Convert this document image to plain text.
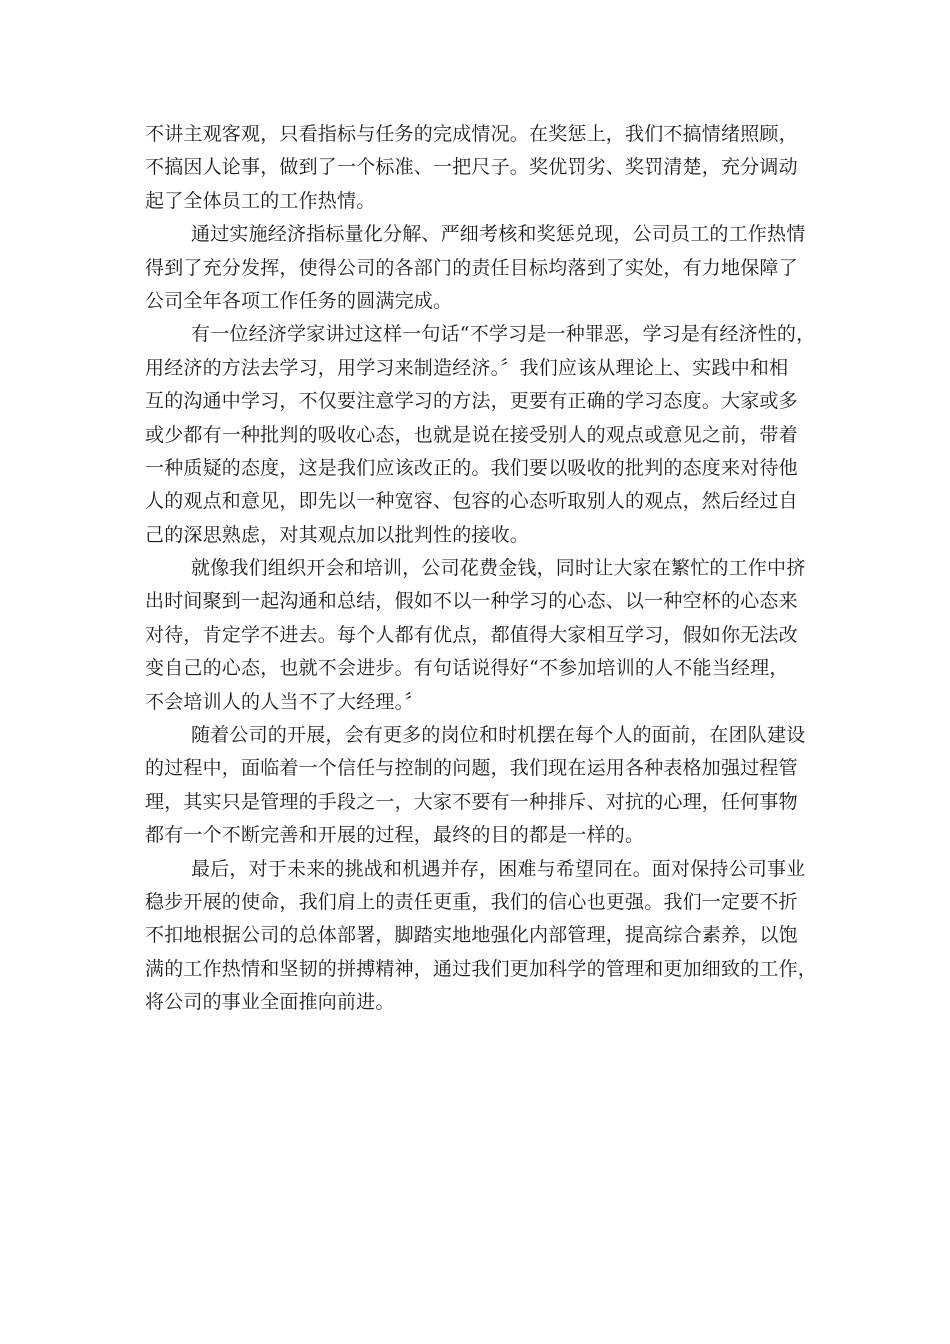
不讲主观客观，只看指标与任务的完成情况。在奖惩上，我们不搞情绪照顾，
不搞因人论事，做到了一个标准、一把尺子。奖优罚劣、奖罚清楚，充分调动
起了全体员工的工作热情。
通过实施经济指标量化分解、严细考核和奖惩兑现，公司员工的工作热情
得到了充分发挥，使得公司的各部门的责任目标均落到了实处，有力地保障了
公司全年各项工作任务的圆满完成。
有一位经济学家讲过这样一句话“不学习是一种罪恶，学习是有经济性的，
用经济的方法去学习，用学习来制造经济。〞我们应该从理论上、实践中和相
互的沟通中学习，不仅要注意学习的方法，更要有正确的学习态度。大家或多
或少都有一种批判的吸收心态，也就是说在接受别人的观点或意见之前，带着
一种质疑的态度，这是我们应该改正的。我们要以吸收的批判的态度来对待他
人的观点和意见，即先以一种宽容、包容的心态听取别人的观点，然后经过自
己的深思熟虑，对其观点加以批判性的接收。
就像我们组织开会和培训，公司花费金钱，同时让大家在繁忙的工作中挤
出时间聚到一起沟通和总结，假如不以一种学习的心态、以一种空杯的心态来
对待，肯定学不进去。每个人都有优点，都值得大家相互学习，假如你无法改
变自己的心态，也就不会进步。有句话说得好“不参加培训的人不能当经理，
不会培训人的人当不了大经理。〞
随着公司的开展，会有更多的岗位和时机摆在每个人的面前，在团队建设
的过程中，面临着一个信任与控制的问题，我们现在运用各种表格加强过程管
理，其实只是管理的手段之一，大家不要有一种排斥、对抗的心理，任何事物
都有一个不断完善和开展的过程，最终的目的都是一样的。
最后，对于未来的挑战和机遇并存，困难与希望同在。面对保持公司事业
稳步开展的使命，我们肩上的责任更重，我们的信心也更强。我们一定要不折
不扣地根据公司的总体部署，脚踏实地地强化内部管理，提高综合素养，以饱
满的工作热情和坚韧的拼搏精神，通过我们更加科学的管理和更加细致的工作，
将公司的事业全面推向前进。
